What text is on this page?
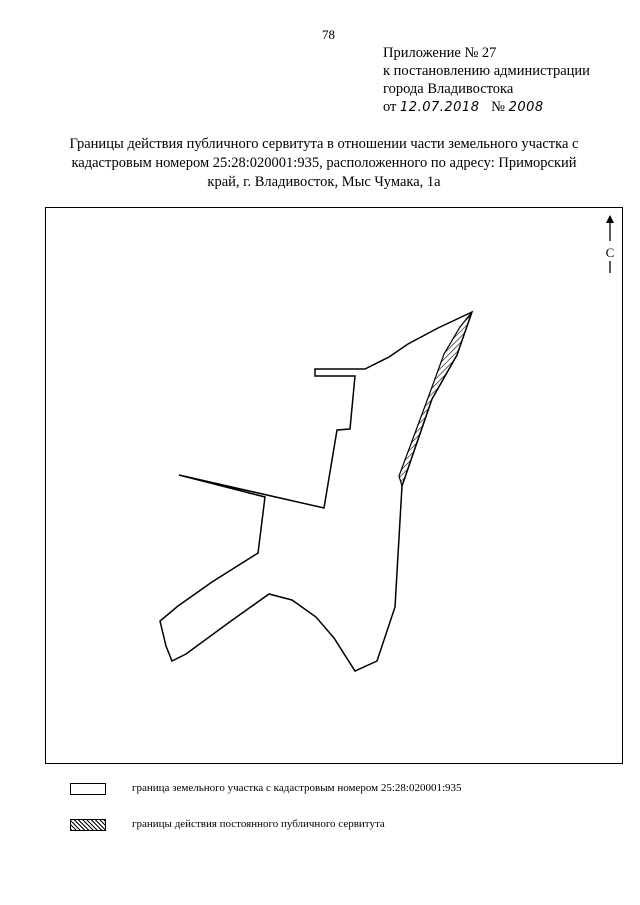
78
Приложение № 27
к постановлению администрации
города Владивостока
от 12.07.2018 № 2008
Границы действия публичного сервитута в отношении части земельного участка с
кадастровым номером 25:28:020001:935, расположенного по адресу: Приморский
край, г. Владивосток, Мыс Чумака, 1а
С
граница земельного участка с кадастровым номером 25:28:020001:935
границы действия постоянного публичного сервитута
